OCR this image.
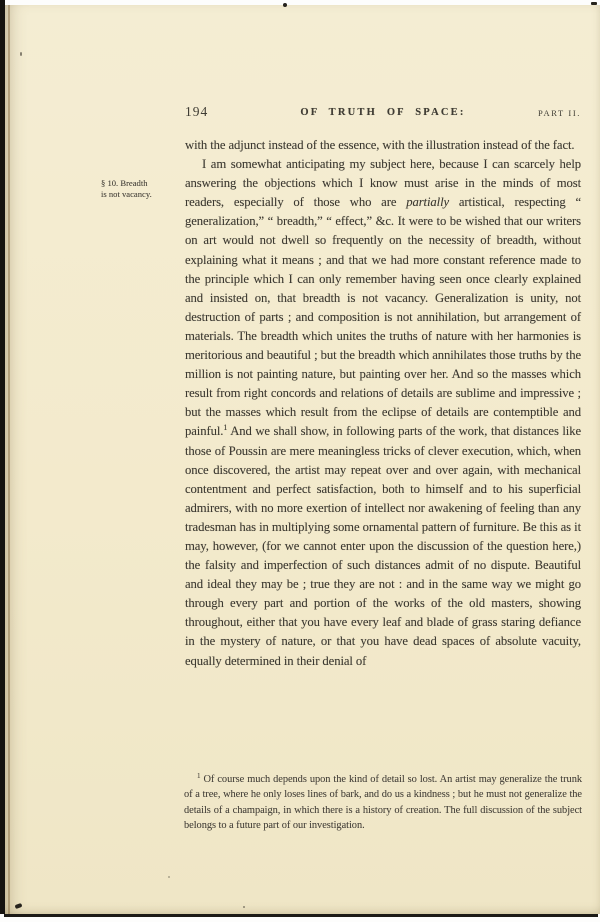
194	OF TRUTH OF SPACE:	PART II.
§ 10. Breadth
is not vacancy.

with the adjunct instead of the essence, with the illustration instead of the fact.

I am somewhat anticipating my subject here, because I can scarcely help answering the objections which I know must arise in the minds of most readers, especially of those who are partially artistical, respecting “ generalization,” “ breadth,” “ effect,” &c. It were to be wished that our writers on art would not dwell so frequently on the necessity of breadth, without explaining what it means ; and that we had more constant reference made to the principle which I can only remember having seen once clearly explained and insisted on, that breadth is not vacancy. Generalization is unity, not destruction of parts ; and composition is not annihilation, but arrangement of materials. The breadth which unites the truths of nature with her harmonies is meritorious and beautiful ; but the breadth which annihilates those truths by the million is not painting nature, but painting over her. And so the masses which result from right concords and relations of details are sublime and impressive ; but the masses which result from the eclipse of details are contemptible and painful.$^1$ And we shall show, in following parts of the work, that distances like those of Poussin are mere meaningless tricks of clever execution, which, when once discovered, the artist may repeat over and over again, with mechanical contentment and perfect satisfaction, both to himself and to his superficial admirers, with no more exertion of intellect nor awakening of feeling than any tradesman has in multiplying some ornamental pattern of furniture. Be this as it may, however, (for we cannot enter upon the discussion of the question here,) the falsity and imperfection of such distances admit of no dispute. Beautiful and ideal they may be ; true they are not : and in the same way we might go through every part and portion of the works of the old masters, showing throughout, either that you have every leaf and blade of grass staring defiance in the mystery of nature, or that you have dead spaces of absolute vacuity, equally determined in their denial of

$^1$ Of course much depends upon the kind of detail so lost. An artist may generalize the trunk of a tree, where he only loses lines of bark, and do us a kindness ; but he must not generalize the details of a champaign, in which there is a history of creation. The full discussion of the subject belongs to a future part of our investigation.
